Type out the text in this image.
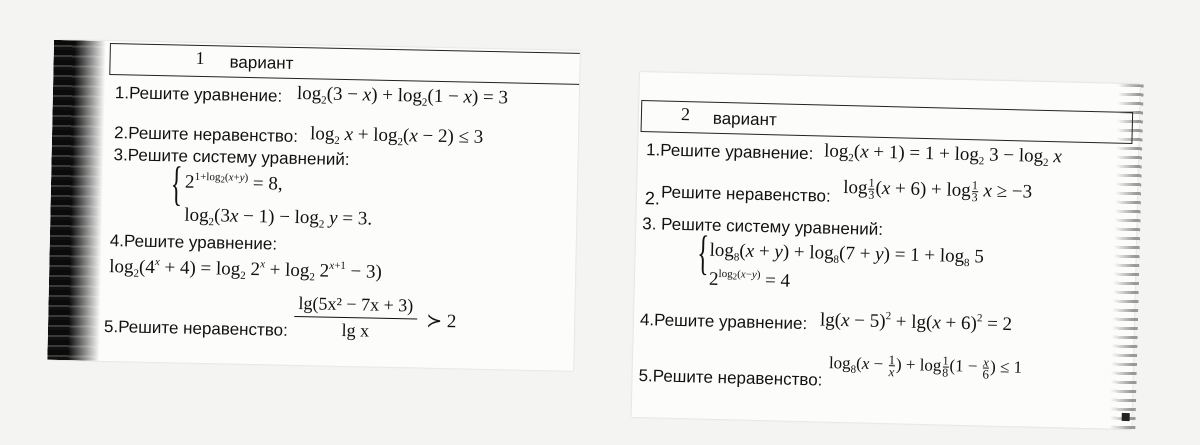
1 вариант
1.Решите уравнение: $\log_2(3 - x) + \log_2(1 - x) = 3$
2.Решите неравенство: $\log_2 x + \log_2(x - 2) \le 3$
3.Решите систему уравнений:
{ $2^{1+log_2(x+y)} = 8$,
$\log_2(3x - 1) - \log_2 y = 3$.
4.Решите уравнение:
$\log_2(4^x + 4) = \log_2 2^x + \log_2 2^{x+1} - 3$)
$\frac{\text{lg(5x² − 7x + 3)}}{\text{lg x}}$ ≻ 2
5.Решите неравенство:
2 вариант
1.Решите уравнение: $\log_2(x + 1) = 1 + \log_2 3 - \log_2 x$
$\log \frac{1}{3} (x + 6) + \log \frac{1}{3}$ x ≥ −3
2. Решите неравенство:
3. Решите систему уравнений:
{ $\log_8(x + y) + \log_8(7 + y) = 1 + \log_8 5$
$2^{log_2(x-y)} = 4$
4.Решите уравнение: $\lg(x - 5)^2 + \lg(x + 6)^2 = 2$
$\log_8(x - \frac{1}{x}$ ) + $\log \frac{1}{8} (1 - \frac{x}{6}$ ) ≤ 1
5.Решите неравенство:
